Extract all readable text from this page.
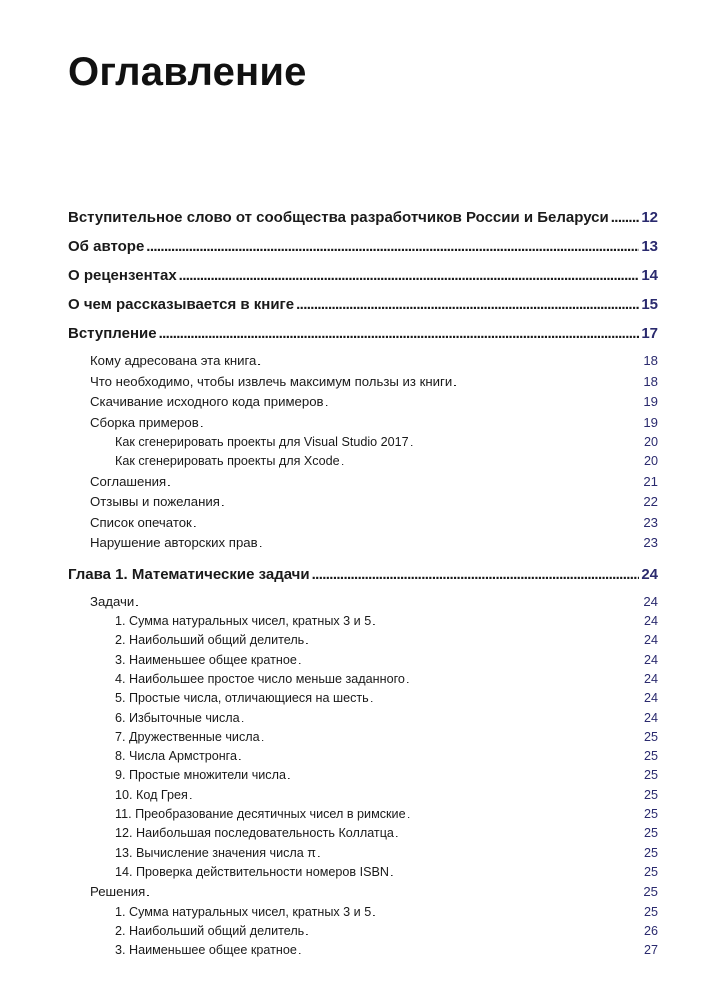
Оглавление
Вступительное слово от сообщества разработчиков России и Беларуси . . . 12
Об авторе . . .	13
О рецензентах . . .	14
О чем рассказывается в книге . . .	15
Вступление . . .	17
Кому адресована эта книга . . .	18
Что необходимо, чтобы извлечь максимум пользы из книги . . .	18
Скачивание исходного кода примеров . . .	19
Сборка примеров . . .	19
Как сгенерировать проекты для Visual Studio 2017 . . .	20
Как сгенерировать проекты для Xcode . . .	20
Соглашения . . .	21
Отзывы и пожелания . . .	22
Список опечаток . . .	23
Нарушение авторских прав . . .	23
Глава 1. Математические задачи . . .	24
Задачи . . .	24
1. Сумма натуральных чисел, кратных 3 и 5 . . .	24
2. Наибольший общий делитель . . .	24
3. Наименьшее общее кратное . . .	24
4. Наибольшее простое число меньше заданного . . .	24
5. Простые числа, отличающиеся на шесть . . .	24
6. Избыточные числа . . .	24
7. Дружественные числа . . .	25
8. Числа Армстронга . . .	25
9. Простые множители числа . . .	25
10. Код Грея . . .	25
11. Преобразование десятичных чисел в римские . . .	25
12. Наибольшая последовательность Коллатца . . .	25
13. Вычисление значения числа π . . .	25
14. Проверка действительности номеров ISBN . . .	25
Решения . . .	25
1. Сумма натуральных чисел, кратных 3 и 5 . . .	25
2. Наибольший общий делитель . . .	26
3. Наименьшее общее кратное . . .	27
